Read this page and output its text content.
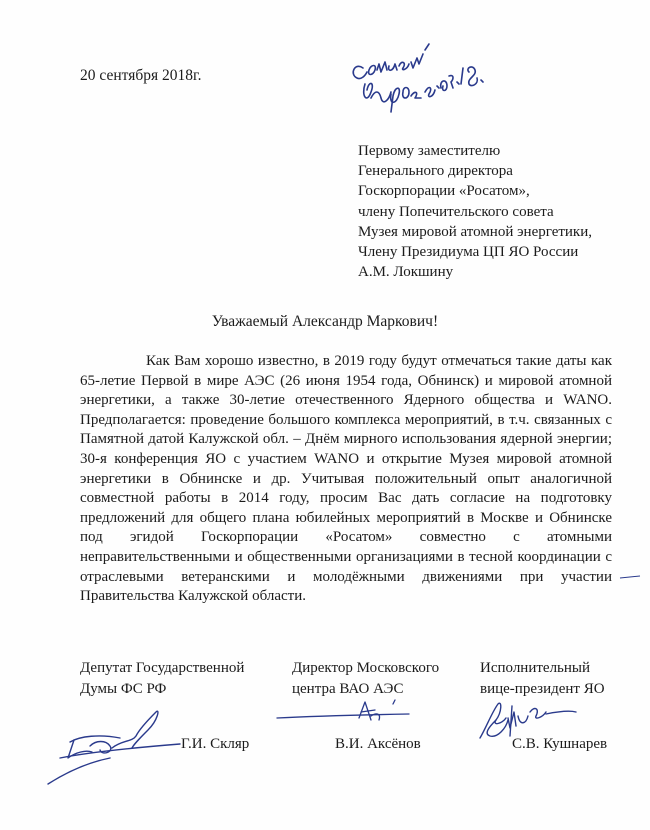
20 сентября 2018г.
Первому заместителю
Генерального директора
Госкорпорации «Росатом»,
члену Попечительского совета
Музея мировой атомной энергетики,
Члену Президиума ЦП ЯО России
А.М. Локшину
Уважаемый Александр Маркович!
Как Вам хорошо известно, в 2019 году будут отмечаться такие даты как 65-летие Первой в мире АЭС (26 июня 1954 года, Обнинск) и мировой атомной энергетики, а также 30-летие отечественного Ядерного общества и WANO. Предполагается: проведение большого комплекса мероприятий, в т.ч. связанных с Памятной датой Калужской обл. – Днём мирного использования ядерной энергии; 30-я конференция ЯО с участием WANO и открытие Музея мировой атомной энергетики в Обнинске и др. Учитывая положительный опыт аналогичной совместной работы в 2014 году, просим Вас дать согласие на подготовку предложений для общего плана юбилейных мероприятий в Москве и Обнинске под эгидой Госкорпорации «Росатом» совместно с атомными неправительственными и общественными организациями в тесной координации с отраслевыми ветеранскими и молодёжными движениями при участии Правительства Калужской области.
Депутат Государственной
Думы ФС РФ
Г.И. Скляр
Директор Московского
центра ВАО АЭС
В.И. Аксёнов
Исполнительный
вице-президент ЯО
С.В. Кушнарев
